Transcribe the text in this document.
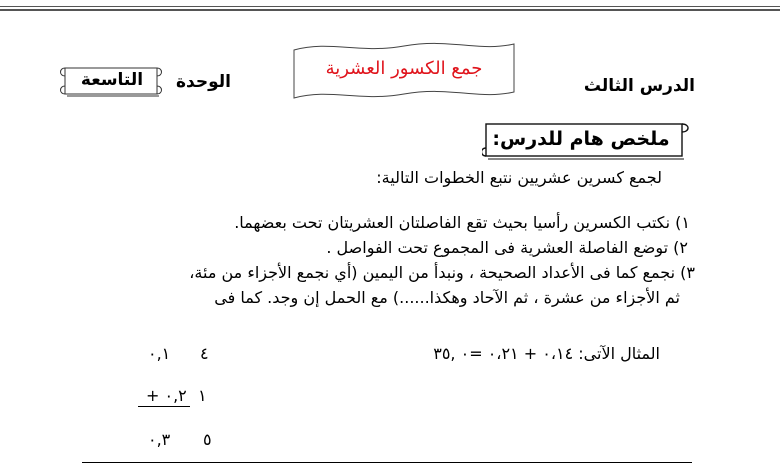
جمع الكسور العشرية
الدرس الثالث
الوحدة
التاسعة
ملخص هام للدرس:
لجمع كسرين عشريين نتبع الخطوات التالية:
١) نكتب الكسرين رأسيا بحيث تقع الفاصلتان العشريتان تحت بعضهما.
٢) توضع الفاصلة العشرية فى المجموع تحت الفواصل .
٣) نجمع كما فى الأعداد الصحيحة ، ونبدأ من اليمين (أي نجمع الأجزاء من مئة،
ثم الأجزاء من عشرة ، ثم الآحاد وهكذا......) مع الحمل إن وجد. كما فى
المثال الآتى: ٠،١٤ + ٠،٢١ =٠ ,٣٥
٠,١ ٤
+ ٠,٢ ١
٠,٣ ٥
